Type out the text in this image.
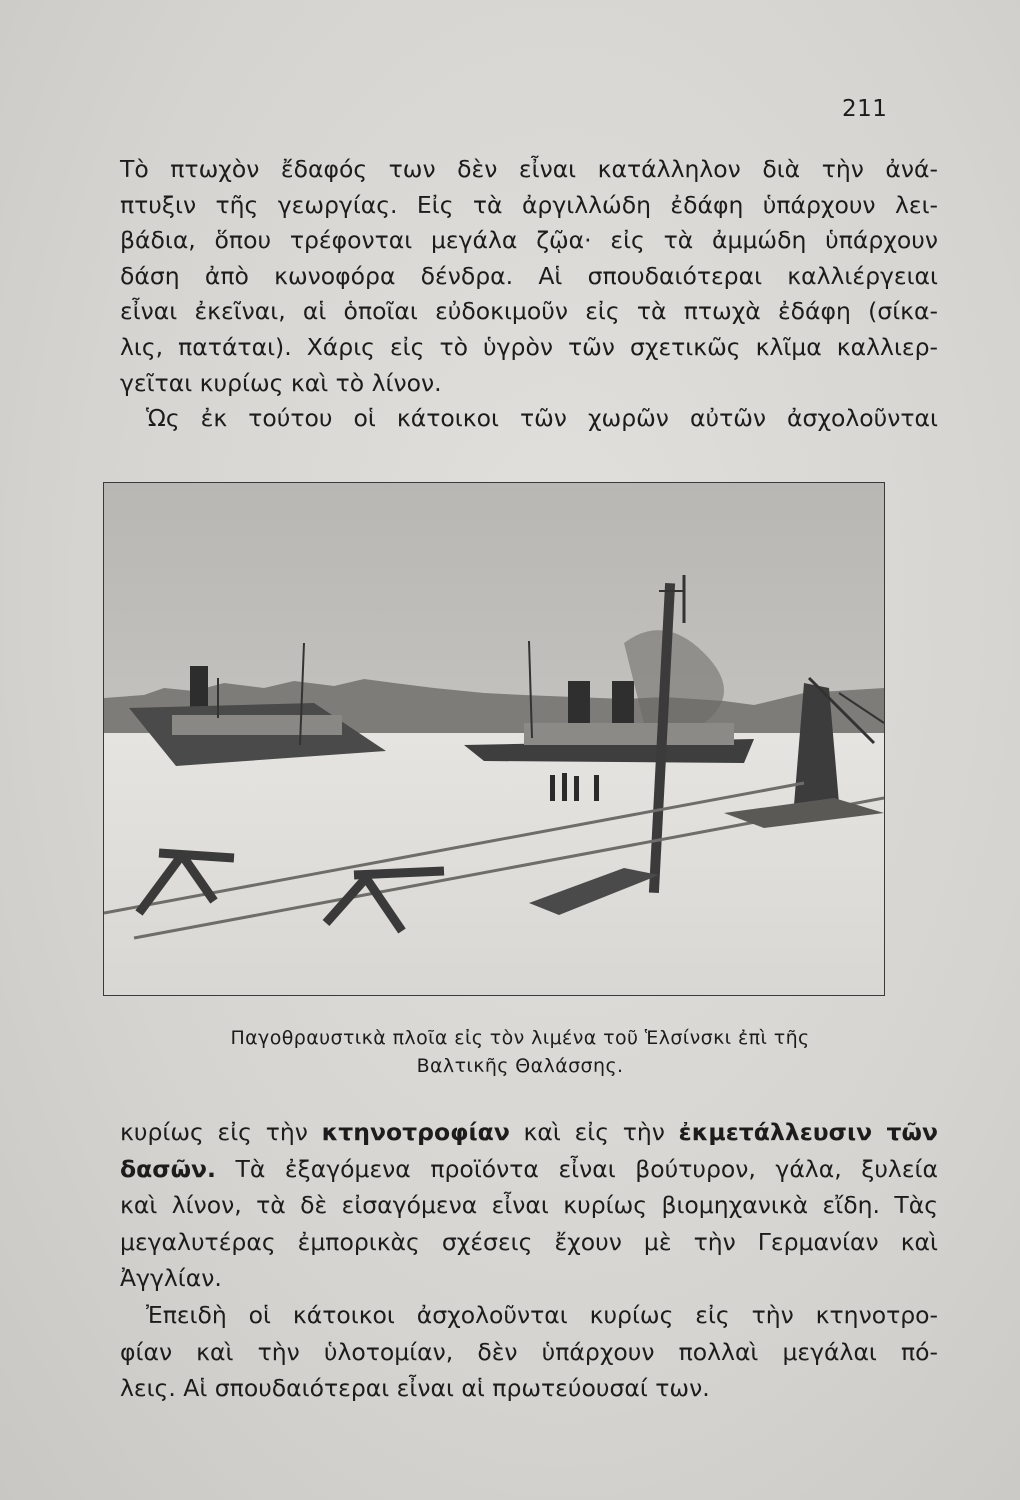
211
Τὸ πτωχὸν ἔδαφός των δὲν εἶναι κατάλληλον διὰ τὴν ἀνά-
πτυξιν τῆς γεωργίας. Εἰς τὰ ἀργιλλώδη ἐδάφη ὑπάρχουν λει-
βάδια, ὅπου τρέφονται μεγάλα ζῷα· εἰς τὰ ἀμμώδη ὑπάρχουν
δάση ἀπὸ κωνοφόρα δένδρα. Αἱ σπουδαιότεραι καλλιέργειαι
εἶναι ἐκεῖναι, αἱ ὁποῖαι εὐδοκιμοῦν εἰς τὰ πτωχὰ ἐδάφη (σίκα-
λις, πατάται). Χάρις εἰς τὸ ὑγρὸν τῶν σχετικῶς κλῖμα καλλιερ-
γεῖται κυρίως καὶ τὸ λίνον.
Ὡς ἐκ τούτου οἱ κάτοικοι τῶν χωρῶν αὐτῶν ἀσχολοῦνται
Παγοθραυστικὰ πλοῖα εἰς τὸν λιμένα τοῦ Ἑλσίνσκι ἐπὶ τῆς
Βαλτικῆς Θαλάσσης.
κυρίως εἰς τὴν κτηνοτροφίαν καὶ εἰς τὴν ἐκμετάλλευσιν τῶν
δασῶν. Τὰ ἐξαγόμενα προϊόντα εἶναι βούτυρον, γάλα, ξυλεία
καὶ λίνον, τὰ δὲ εἰσαγόμενα εἶναι κυρίως βιομηχανικὰ εἴδη. Τὰς
μεγαλυτέρας ἐμπορικὰς σχέσεις ἔχουν μὲ τὴν Γερμανίαν καὶ
Ἀγγλίαν.
Ἐπειδὴ οἱ κάτοικοι ἀσχολοῦνται κυρίως εἰς τὴν κτηνοτρο-
φίαν καὶ τὴν ὑλοτομίαν, δὲν ὑπάρχουν πολλαὶ μεγάλαι πό-
λεις. Αἱ σπουδαιότεραι εἶναι αἱ πρωτεύουσαί των.
